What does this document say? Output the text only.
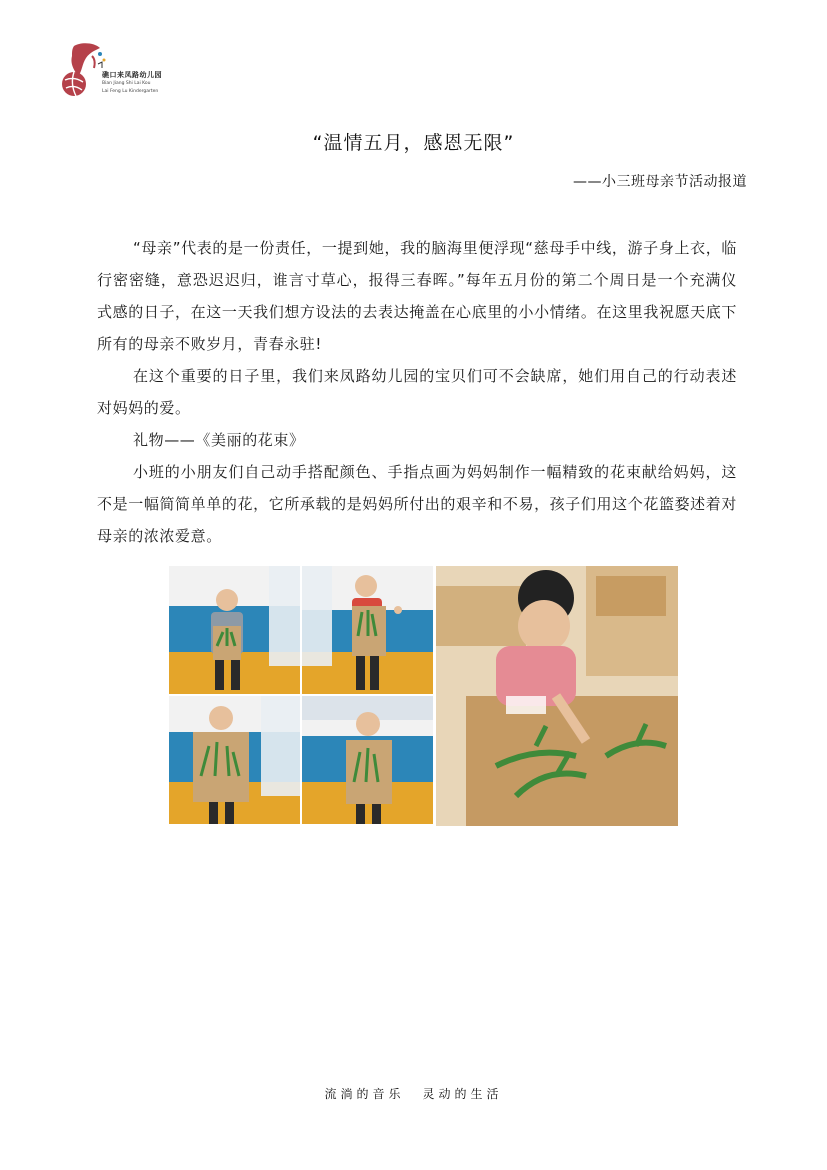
礁口来凤路幼儿园
Bian Jiang Shi Lai Kou
Lai Feng Lu Kindergarten
“温情五月，感恩无限”
——小三班母亲节活动报道

“母亲”代表的是一份责任，一提到她，我的脑海里便浮现“慈母手中线，游子身上衣，临行密密缝，意恐迟迟归，谁言寸草心，报得三春晖。”每年五月份的第二个周日是一个充满仪式感的日子，在这一天我们想方设法的去表达掩盖在心底里的小小情绪。在这里我祝愿天底下所有的母亲不败岁月，青春永驻!

在这个重要的日子里，我们来凤路幼儿园的宝贝们可不会缺席，她们用自己的行动表述对妈妈的爱。

礼物——《美丽的花束》

小班的小朋友们自己动手搭配颜色、手指点画为妈妈制作一幅精致的花束献给妈妈，这不是一幅简简单单的花，它所承载的是妈妈所付出的艰辛和不易，孩子们用这个花篮婺述着对母亲的浓浓爱意。

流淌的音乐 灵动的生活
